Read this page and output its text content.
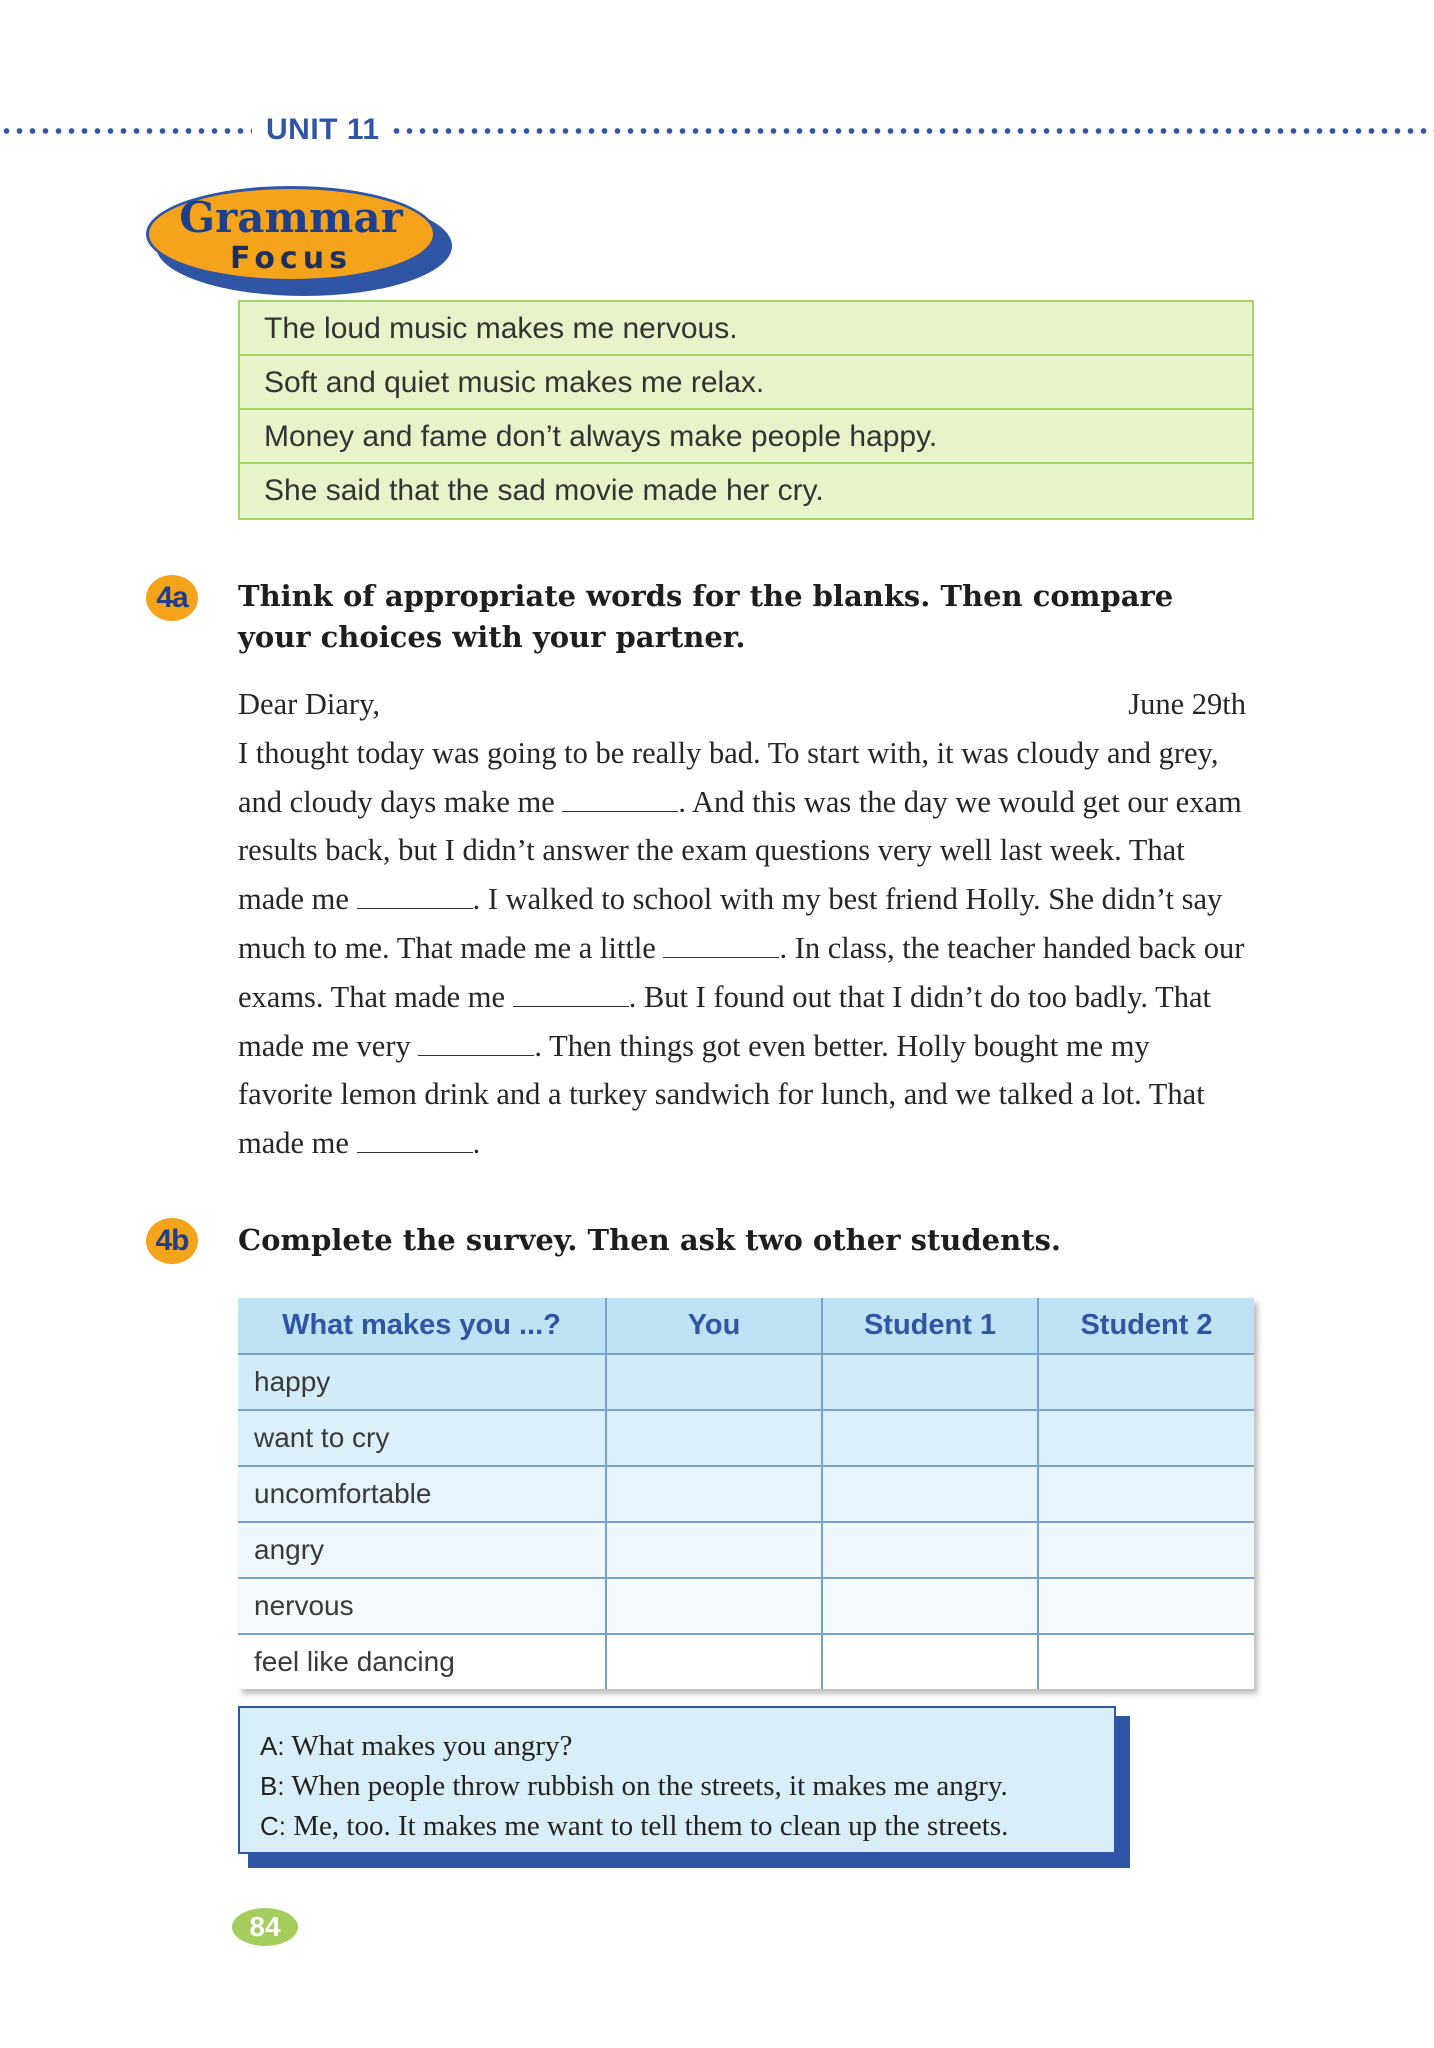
UNIT 11
Grammar
Focus
The loud music makes me nervous.
Soft and quiet music makes me relax.
Money and fame don’t always make people happy.
She said that the sad movie made her cry.
4a	Think of appropriate words for the blanks. Then compare your choices with your partner.
Dear Diary,	June 29th
I thought today was going to be really bad. To start with, it was cloudy and grey, and cloudy days make me	. And this was the day we would get our exam results back, but I didn’t answer the exam questions very well last week. That made me	. I walked to school with my best friend Holly. She didn’t say much to me. That made me a little	. In class, the teacher handed back our exams. That made me	. But I found out that I didn’t do too badly. That made me very	. Then things got even better. Holly bought me my favorite lemon drink and a turkey sandwich for lunch, and we talked a lot. That made me	.
4b	Complete the survey. Then ask two other students.
What makes you ...?	You	Student 1	Student 2
happy			
want to cry			
uncomfortable			
angry			
nervous			
feel like dancing			
A: What makes you angry?
B: When people throw rubbish on the streets, it makes me angry.
C: Me, too. It makes me want to tell them to clean up the streets.
84
